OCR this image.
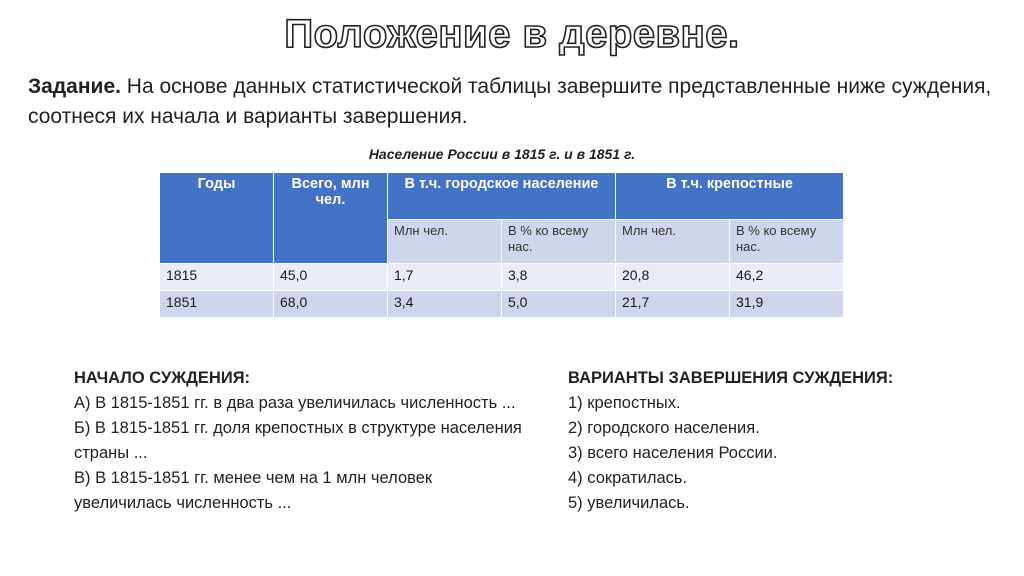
Положение в деревне.
Задание. На основе данных статистической таблицы завершите представленные ниже суждения, соотнеся их начала и варианты завершения.
Население России в 1815 г. и в 1851 г.
Годы	Всего, млн чел.	В т.ч. городское население		В т.ч. крепостные	
		Млн чел.	В % ко всему нас.	Млн чел.	В % ко всему нас.
1815	45,0	1,7	3,8	20,8	46,2
1851	68,0	3,4	5,0	21,7	31,9
НАЧАЛО СУЖДЕНИЯ:
А) В 1815-1851 гг. в два раза увеличилась численность ...
Б) В 1815-1851 гг. доля крепостных в структуре населения страны ...
В) В 1815-1851 гг. менее чем на 1 млн человек увеличилась численность ...
ВАРИАНТЫ ЗАВЕРШЕНИЯ СУЖДЕНИЯ:
1) крепостных.
2) городского населения.
3) всего населения России.
4) сократилась.
5) увеличилась.
